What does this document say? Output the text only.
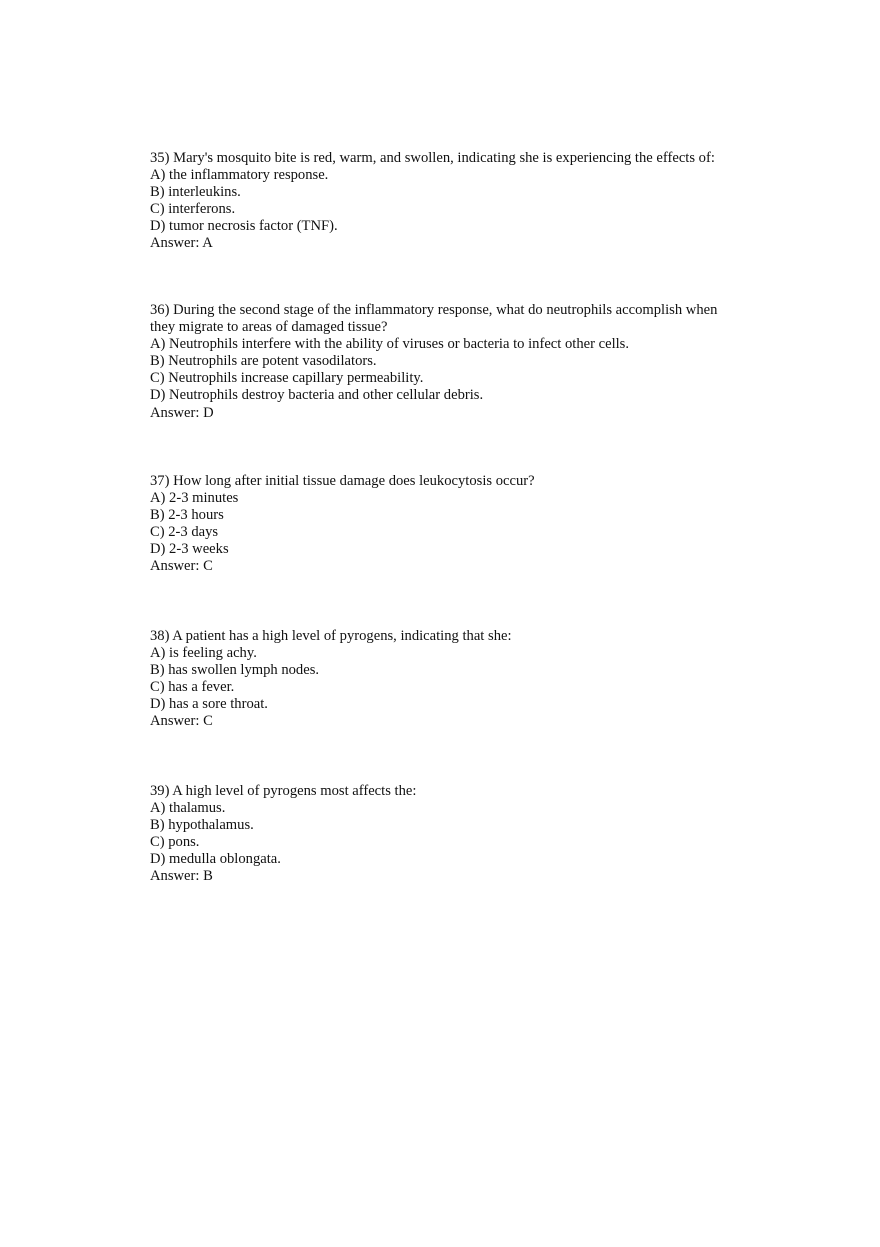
35) Mary's mosquito bite is red, warm, and swollen, indicating she is experiencing the effects of:
A) the inflammatory response.
B) interleukins.
C) interferons.
D) tumor necrosis factor (TNF).
Answer: A
36) During the second stage of the inflammatory response, what do neutrophils accomplish when
they migrate to areas of damaged tissue?
A) Neutrophils interfere with the ability of viruses or bacteria to infect other cells.
B) Neutrophils are potent vasodilators.
C) Neutrophils increase capillary permeability.
D) Neutrophils destroy bacteria and other cellular debris.
Answer: D
37) How long after initial tissue damage does leukocytosis occur?
A) 2-3 minutes
B) 2-3 hours
C) 2-3 days
D) 2-3 weeks
Answer: C
38) A patient has a high level of pyrogens, indicating that she:
A) is feeling achy.
B) has swollen lymph nodes.
C) has a fever.
D) has a sore throat.
Answer: C
39) A high level of pyrogens most affects the:
A) thalamus.
B) hypothalamus.
C) pons.
D) medulla oblongata.
Answer: B
